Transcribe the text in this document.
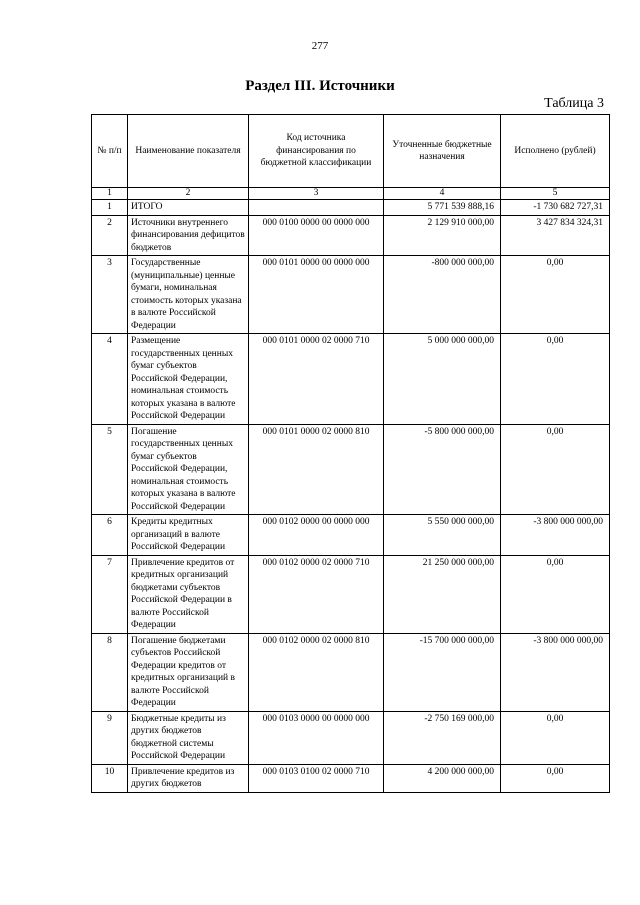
277
Раздел III. Источники
Таблица 3
№ п/п	Наименование показателя	Код источника финансирования по бюджетной классификации	Уточненные бюджетные назначения	Исполнено (рублей)
1	2	3	4	5
1	ИТОГО		5 771 539 888,16	-1 730 682 727,31
2	Источники внутреннего финансирования дефицитов бюджетов	000 0100 0000 00 0000 000	2 129 910 000,00	3 427 834 324,31
3	Государственные (муниципальные) ценные бумаги, номинальная стоимость которых указана в валюте Российской Федерации	000 0101 0000 00 0000 000	-800 000 000,00	0,00
4	Размещение государственных ценных бумаг субъектов Российской Федерации, номинальная стоимость которых указана в валюте Российской Федерации	000 0101 0000 02 0000 710	5 000 000 000,00	0,00
5	Погашение государственных ценных бумаг субъектов Российской Федерации, номинальная стоимость которых указана в валюте Российской Федерации	000 0101 0000 02 0000 810	-5 800 000 000,00	0,00
6	Кредиты кредитных организаций в валюте Российской Федерации	000 0102 0000 00 0000 000	5 550 000 000,00	-3 800 000 000,00
7	Привлечение кредитов от кредитных организаций бюджетами субъектов Российской Федерации в валюте Российской Федерации	000 0102 0000 02 0000 710	21 250 000 000,00	0,00
8	Погашение бюджетами субъектов Российской Федерации кредитов от кредитных организаций в валюте Российской Федерации	000 0102 0000 02 0000 810	-15 700 000 000,00	-3 800 000 000,00
9	Бюджетные кредиты из других бюджетов бюджетной системы Российской Федерации	000 0103 0000 00 0000 000	-2 750 169 000,00	0,00
10	Привлечение кредитов из других бюджетов	000 0103 0100 02 0000 710	4 200 000 000,00	0,00
